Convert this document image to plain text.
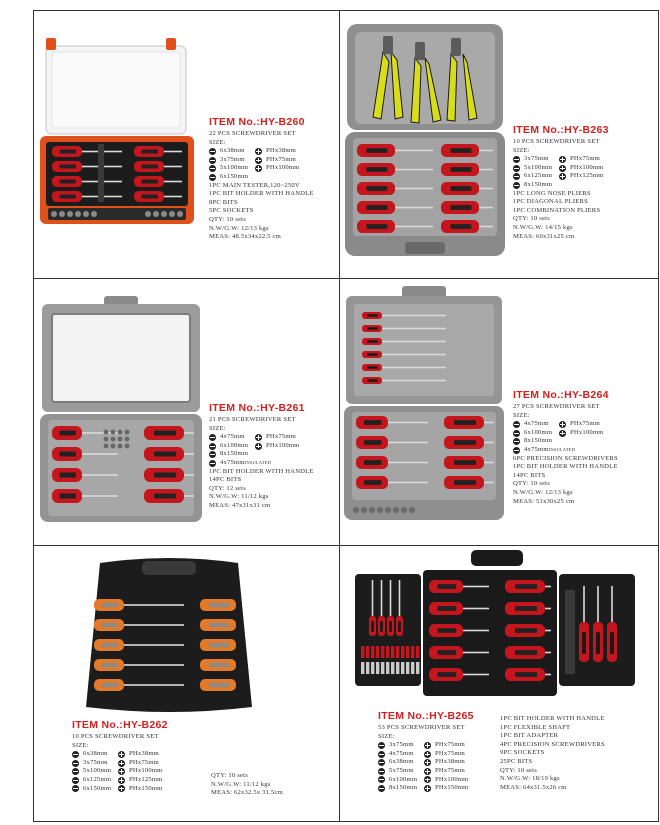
ITEM No.:HY-B260
22 PCS SCREWDRIVER SET
SIZE:
6x38mm	PHx38mm
3x75mm	PHx75mm
5x100mm	PHx100mm
6x150mm
1PC MAIN TESTER,120~250V
1PC BIT HOLDER WITH HANDLE
8PC BITS
5PC SOCKETS
QTY: 10 sets
N.W/G.W: 12/13 kgs
MEAS: 48.5x34x22.5 cm
ITEM No.:HY-B263
10 PCS SCREWDRIVER SET
SIZE:
3x75mm	PHx75mm
5x100mm	PHx100mm
6x125mm	PHx125mm
8x150mm
1PC LONG NOSE PLIERS
1PC DIAGONAL PLIERS
1PC COMBINATION PLIERS
QTY: 10 sets
N.W/G.W: 14/15 kgs
MEAS: 60x31x25 cm
ITEM No.:HY-B261
21 PCS SCREWDRIVER SET
SIZE:
4x75mm	PHx75mm
6x100mm	PHx100mm
8x150mm
4x75mm INSULATED
1PC BIT HOLDER WITH HANDLE
14PC BITS
QTY: 12 sets
N.W/G.W: 11/12 kgs
MEAS: 47x31x31 cm
ITEM No.:HY-B264
27 PCS SCREWDRIVER SET
SIZE:
4x75mm	PHx75mm
6x100mm	PHx100mm
8x150mm
4x75mm INSULATED
6PC PRECISION SCREWDRIVERS
1PC BIT HOLDER WITH HANDLE
14PC BITS
QTY: 10 sets
N.W/G.W: 12/13 kgs
MEAS: 51x30x25 cm
ITEM No.:HY-B262
10 PCS SCREWDRIVER SET
SIZE:
6x38mm	PHx38mm
3x75mm	PHx75mm
5x100mm	PHx100mm
6x125mm	PHx125mm
6x150mm	PHx150mm
QTY: 10 sets
N.W/G.W: 11/12 kgs
MEAS: 62x32.5x 31.5cm
ITEM No.:HY-B265
53 PCS SCREWDRIVER SET
SIZE:
3x75mm	PHx75mm
4x75mm	PHx75mm
6x38mm	PHx38mm
5x75mm	PHx75mm
6x100mm	PHx100mm
8x150mm	PHx150mm
1PC BIT HOLDER WITH HANDLE
1PC FLEXIBLE SHAFT
1PC BIT ADAPTER
4PC PRECISION SCREWDRIVERS
9PC SOCKETS
25PC BITS
QTY: 10 sets
N.W/G.W: 18/19 kgs
MEAS: 64x31.5x26 cm
